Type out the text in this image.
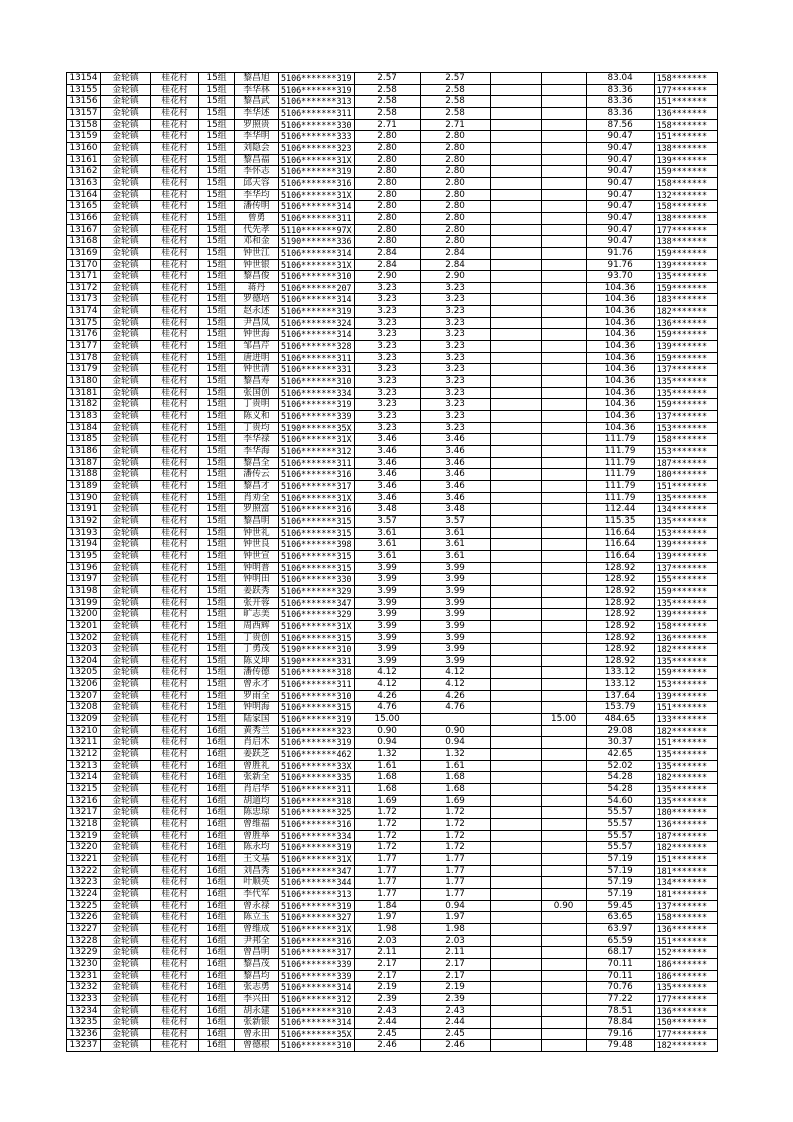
13154	金轮镇	桂花村	15组	黎昌旭	5106*******319	2.57	2.57			83.04	158*******
13155	金轮镇	桂花村	15组	李华林	5106*******319	2.58	2.58			83.36	177*******
13156	金轮镇	桂花村	15组	黎昌武	5106*******313	2.58	2.58			83.36	151*******
13157	金轮镇	桂花村	15组	李华述	5106*******311	2.58	2.58			83.36	136*******
13158	金轮镇	桂花村	15组	罗照贵	5106*******330	2.71	2.71			87.56	158*******
13159	金轮镇	桂花村	15组	李华明	5106*******333	2.80	2.80			90.47	151*******
13160	金轮镇	桂花村	15组	刘隐会	5106*******323	2.80	2.80			90.47	138*******
13161	金轮镇	桂花村	15组	黎昌福	5106*******31X	2.80	2.80			90.47	139*******
13162	金轮镇	桂花村	15组	李怀志	5106*******319	2.80	2.80			90.47	159*******
13163	金轮镇	桂花村	15组	邱天容	5106*******316	2.80	2.80			90.47	158*******
13164	金轮镇	桂花村	15组	李华均	5106*******31X	2.80	2.80			90.47	132*******
13165	金轮镇	桂花村	15组	潘传明	5106*******314	2.80	2.80			90.47	158*******
13166	金轮镇	桂花村	15组	曾勇	5106*******311	2.80	2.80			90.47	138*******
13167	金轮镇	桂花村	15组	代先孝	5110*******97X	2.80	2.80			90.47	177*******
13168	金轮镇	桂花村	15组	邓和金	5190*******336	2.80	2.80			90.47	138*******
13169	金轮镇	桂花村	15组	钟世江	5106*******314	2.84	2.84			91.76	159*******
13170	金轮镇	桂花村	15组	钟世银	5106*******31X	2.84	2.84			91.76	139*******
13171	金轮镇	桂花村	15组	黎昌俊	5106*******310	2.90	2.90			93.70	135*******
13172	金轮镇	桂花村	15组	蒋丹	5106*******207	3.23	3.23			104.36	159*******
13173	金轮镇	桂花村	15组	罗德培	5106*******314	3.23	3.23			104.36	183*******
13174	金轮镇	桂花村	15组	赵永述	5106*******319	3.23	3.23			104.36	182*******
13175	金轮镇	桂花村	15组	尹昌凤	5106*******324	3.23	3.23			104.36	136*******
13176	金轮镇	桂花村	15组	钟世海	5106*******314	3.23	3.23			104.36	159*******
13177	金轮镇	桂花村	15组	邹昌芹	5106*******328	3.23	3.23			104.36	139*******
13178	金轮镇	桂花村	15组	唐进明	5106*******311	3.23	3.23			104.36	159*******
13179	金轮镇	桂花村	15组	钟世清	5106*******331	3.23	3.23			104.36	137*******
13180	金轮镇	桂花村	15组	黎昌寿	5106*******310	3.23	3.23			104.36	135*******
13181	金轮镇	桂花村	15组	张国创	5106*******334	3.23	3.23			104.36	135*******
13182	金轮镇	桂花村	15组	丁贵明	5106*******319	3.23	3.23			104.36	159*******
13183	金轮镇	桂花村	15组	陈义和	5106*******339	3.23	3.23			104.36	137*******
13184	金轮镇	桂花村	15组	丁贵均	5190*******35X	3.23	3.23			104.36	153*******
13185	金轮镇	桂花村	15组	李华禄	5106*******31X	3.46	3.46			111.79	158*******
13186	金轮镇	桂花村	15组	李华海	5106*******312	3.46	3.46			111.79	153*******
13187	金轮镇	桂花村	15组	黎昌全	5106*******311	3.46	3.46			111.79	187*******
13188	金轮镇	桂花村	15组	潘传云	5106*******316	3.46	3.46			111.79	180*******
13189	金轮镇	桂花村	15组	黎昌才	5106*******317	3.46	3.46			111.79	151*******
13190	金轮镇	桂花村	15组	肖劝全	5106*******31X	3.46	3.46			111.79	135*******
13191	金轮镇	桂花村	15组	罗照富	5106*******316	3.48	3.48			112.44	134*******
13192	金轮镇	桂花村	15组	黎昌明	5106*******315	3.57	3.57			115.35	135*******
13193	金轮镇	桂花村	15组	钟世礼	5106*******315	3.61	3.61			116.64	153*******
13194	金轮镇	桂花村	15组	钟世良	5106*******398	3.61	3.61			116.64	139*******
13195	金轮镇	桂花村	15组	钟世宣	5106*******315	3.61	3.61			116.64	139*******
13196	金轮镇	桂花村	15组	钟明普	5106*******315	3.99	3.99			128.92	137*******
13197	金轮镇	桂花村	15组	钟明田	5106*******330	3.99	3.99			128.92	155*******
13198	金轮镇	桂花村	15组	姜跃秀	5106*******329	3.99	3.99			128.92	159*******
13199	金轮镇	桂花村	15组	张开蓉	5106*******347	3.99	3.99			128.92	135*******
13200	金轮镇	桂花村	15组	旷志美	5106*******329	3.99	3.99			128.92	139*******
13201	金轮镇	桂花村	15组	周西辉	5106*******31X	3.99	3.99			128.92	158*******
13202	金轮镇	桂花村	15组	丁贵创	5106*******315	3.99	3.99			128.92	136*******
13203	金轮镇	桂花村	15组	丁勇茂	5190*******310	3.99	3.99			128.92	182*******
13204	金轮镇	桂花村	15组	陈义坤	5190*******331	3.99	3.99			128.92	135*******
13205	金轮镇	桂花村	15组	潘传德	5106*******318	4.12	4.12			133.12	159*******
13206	金轮镇	桂花村	15组	曾永才	5106*******311	4.12	4.12			133.12	153*******
13207	金轮镇	桂花村	15组	罗雨全	5106*******310	4.26	4.26			137.64	139*******
13208	金轮镇	桂花村	15组	钟明海	5106*******315	4.76	4.76			153.79	151*******
13209	金轮镇	桂花村	15组	陆家国	5106*******319	15.00			15.00	484.65	133*******
13210	金轮镇	桂花村	16组	黄秀兰	5106*******323	0.90	0.90			29.08	182*******
13211	金轮镇	桂花村	16组	肖启木	5106*******319	0.94	0.94			30.37	151*******
13212	金轮镇	桂花村	16组	姜跃芝	5106*******462	1.32	1.32			42.65	135*******
13213	金轮镇	桂花村	16组	曾胜礼	5106*******33X	1.61	1.61			52.02	135*******
13214	金轮镇	桂花村	16组	张新全	5106*******335	1.68	1.68			54.28	182*******
13215	金轮镇	桂花村	16组	肖启华	5106*******311	1.68	1.68			54.28	135*******
13216	金轮镇	桂花村	16组	胡道均	5106*******318	1.69	1.69			54.60	135*******
13217	金轮镇	桂花村	16组	陈忠琼	5106*******325	1.72	1.72			55.57	180*******
13218	金轮镇	桂花村	16组	曾维福	5106*******316	1.72	1.72			55.57	136*******
13219	金轮镇	桂花村	16组	曾胜举	5106*******334	1.72	1.72			55.57	187*******
13220	金轮镇	桂花村	16组	陈永均	5106*******319	1.72	1.72			55.57	182*******
13221	金轮镇	桂花村	16组	王文基	5106*******31X	1.77	1.77			57.19	151*******
13222	金轮镇	桂花村	16组	刘昌秀	5106*******347	1.77	1.77			57.19	181*******
13223	金轮镇	桂花村	16组	叶顺英	5106*******344	1.77	1.77			57.19	134*******
13224	金轮镇	桂花村	16组	李代军	5106*******313	1.77	1.77			57.19	181*******
13225	金轮镇	桂花村	16组	曾永禄	5106*******319	1.84	0.94		0.90	59.45	137*******
13226	金轮镇	桂花村	16组	陈立玉	5106*******327	1.97	1.97			63.65	158*******
13227	金轮镇	桂花村	16组	曾维成	5106*******31X	1.98	1.98			63.97	136*******
13228	金轮镇	桂花村	16组	尹邦全	5106*******316	2.03	2.03			65.59	151*******
13229	金轮镇	桂花村	16组	曾昌明	5106*******317	2.11	2.11			68.17	152*******
13230	金轮镇	桂花村	16组	黎昌茂	5106*******339	2.17	2.17			70.11	186*******
13231	金轮镇	桂花村	16组	黎昌均	5106*******339	2.17	2.17			70.11	186*******
13232	金轮镇	桂花村	16组	张志勇	5106*******314	2.19	2.19			70.76	135*******
13233	金轮镇	桂花村	16组	李兴田	5106*******312	2.39	2.39			77.22	177*******
13234	金轮镇	桂花村	16组	胡永建	5106*******310	2.43	2.43			78.51	136*******
13235	金轮镇	桂花村	16组	张新银	5106*******314	2.44	2.44			78.84	150*******
13236	金轮镇	桂花村	16组	曾永田	5106*******35X	2.45	2.45			79.16	177*******
13237	金轮镇	桂花村	16组	曾德根	5106*******310	2.46	2.46			79.48	182*******
